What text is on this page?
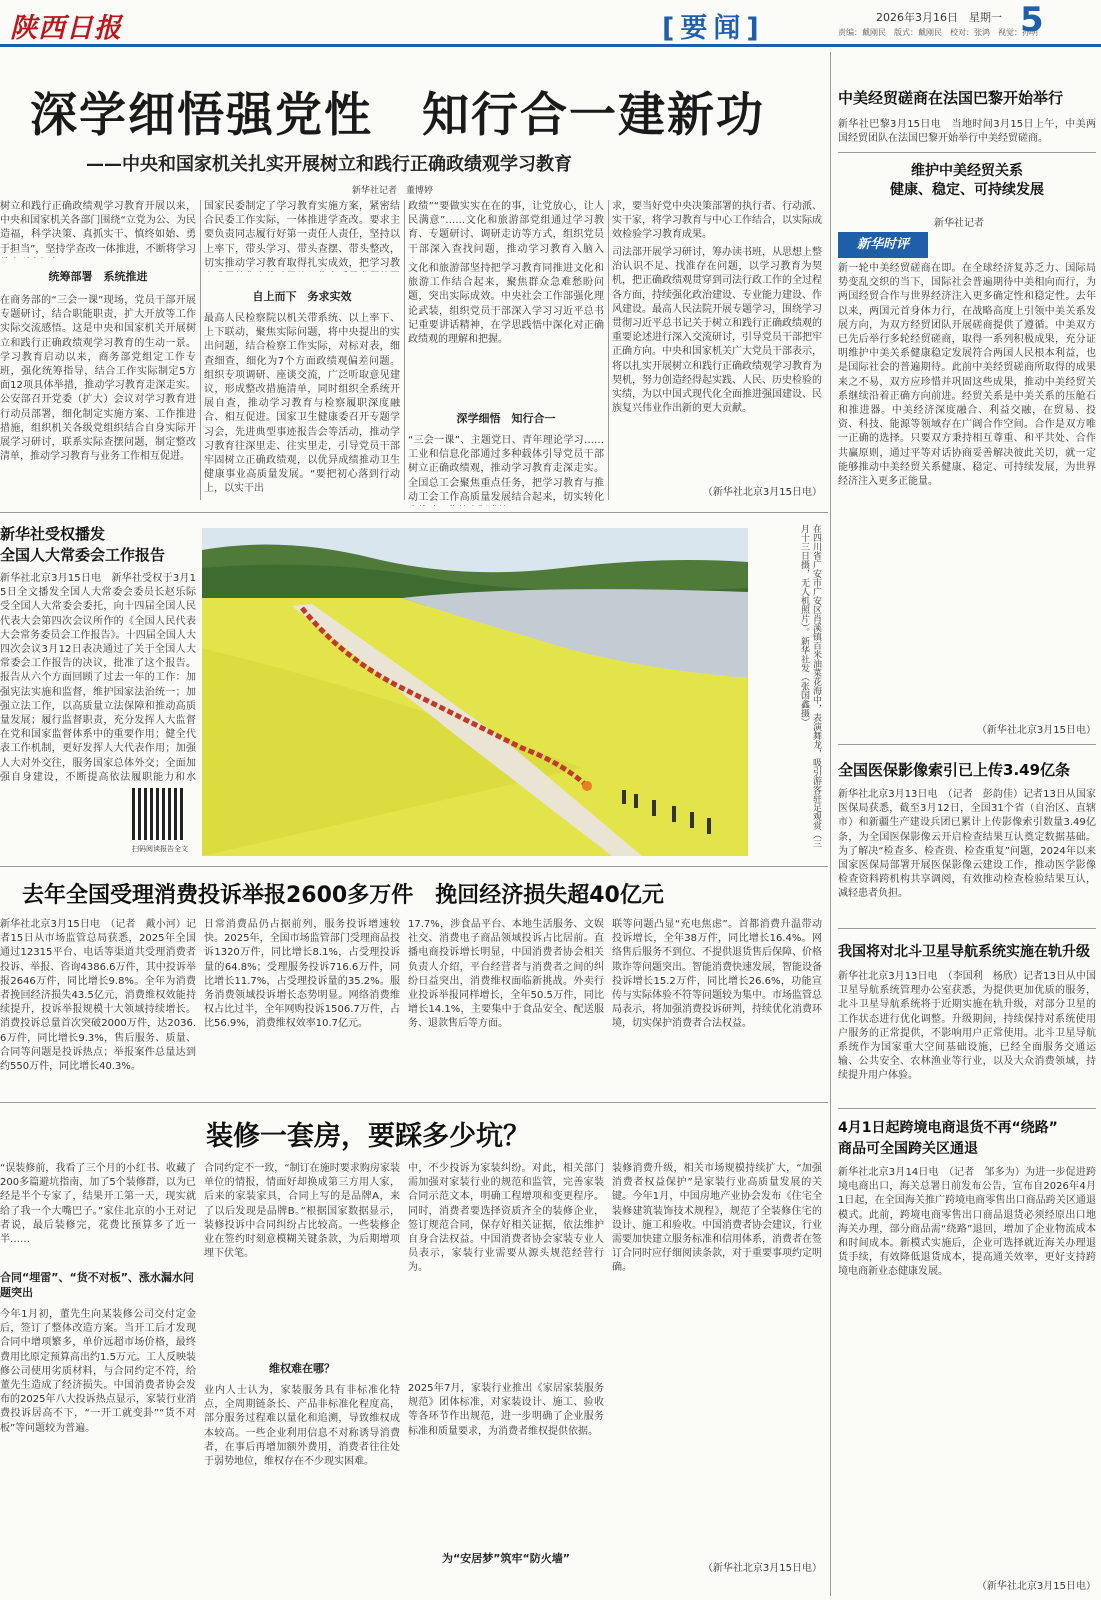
陕西日报	[要闻]	2026年3月16日　星期一
责编：戴刚民　版式：戴刚民　校对：张鸿　视觉：孙明
5
深学细悟强党性　知行合一建新功
——中央和国家机关扎实开展树立和践行正确政绩观学习教育
新华社记者　董博婷
树立和践行正确政绩观学习教育开展以来，中央和国家机关各部门围绕“立党为公、为民造福，科学决策、真抓实干、慎终如始、勇于担当”，坚持学查改一体推进，不断将学习
统筹部署　系统推进
在商务部的“三会一课”现场，党员干部开展专题研讨，结合职能职责，扩大开放等工作实际交流感悟。这是中央和国家机关开展树立和践行正确政绩观学习教育的生动一景。学习教育启动以来，商务部党组定工作专班，强化统筹指导，结合工作实际制定5方面12项具体举措，推动学习教育走深走实。公安部召开党委（扩大）会议对学习教育进行动员部署，细化制定实施方案、工作推进措施，组织机关各级党组织结合自身实际开展学习研讨，联系实际查摆问题，制定整改清单，推动学习教育与业务工作相互促进。
国家民委制定了学习教育实施方案，紧密结合民委工作实际，一体推进学查改。要求主要负责同志履行好第一责任人责任，坚持以上率下，带头学习、带头查摆、带头整改，切实推动学习教育取得扎实成效，把学习教
自上而下　务求实效
最高人民检察院以机关带系统、以上率下、上下联动，聚焦实际问题，将中央提出的实出问题，结合检察工作实际，对标对表，细查细查，细化为7个方面政绩观偏差问题。组织专项调研、座谈交流，广泛听取意见建议，形成整改措施清单，同时组织全系统开展自查，推动学习教育与检察履职深度融合、相互促进。国家卫生健康委召开专题学习会，先进典型事迹报告会等活动，推动学习教育往深里走、往实里走，引导党员干部牢固树立正确政绩观，以优异成绩推动卫生健康事业高质量发展。“要把初心落到行动上，以实干出
政绩”“要做实实在在的事，让党放心，让人民满意”……文化和旅游部党组通过学习教育、专题研讨、调研走访等方式，组织党员干部深入查找问题，推动学习教育入脑入
文化和旅游部坚持把学习教育同推进文化和旅游工作结合起来，聚焦群众急难愁盼问题，突出实际成效。中央社会工作部强化理论武装，组织党员干部深入学习习近平总书记重要讲话精神，在学思践悟中深化对正确政绩观的理解和把握。
深学细悟　知行合一
“三会一课”、主题党日、青年理论学习……工业和信息化部通过多种载体引导党员干部树立正确政绩观，推动学习教育走深走实。全国总工会聚焦重点任务，把学习教育与推动工会工作高质量发展结合起来，切实转化
求，要当好党中央决策部署的执行者、行动派、实干家，将学习教育与中心工作结合，以实际成效检验学习教育成果。
司法部开展学习研讨，筹办读书班，从思想上整治认识不足、找准存在问题，以学习教育为契机，把正确政绩观贯穿到司法行政工作的全过程各方面，持续强化政治建设、专业能力建设、作风建设。最高人民法院开展专题学习，围绕学习贯彻习近平总书记关于树立和践行正确政绩观的重要论述进行深入交流研讨，引导党员干部把牢正确方向。中央和国家机关广大党员干部表示，将以扎实开展树立和践行正确政绩观学习教育为契机，努力创造经得起实践、人民、历史检验的实绩，为以中国式现代化全面推进强国建设、民族复兴伟业作出新的更大贡献。
（新华社北京3月15日电）
新华社受权播发
全国人大常委会工作报告
新华社北京3月15日电　新华社受权于3月15日全文播发全国人大常委会委员长赵乐际受全国人大常委会委托，向十四届全国人民代表大会第四次会议所作的《全国人民代表大会常务委员会工作报告》。十四届全国人大四次会议3月12日表决通过了关于全国人大常委会工作报告的决议，批准了这个报告。报告从六个方面回顾了过去一年的工作：加强宪法实施和监督，维护国家法治统一；加强立法工作，以高质量立法保障和推动高质量发展；履行监督职责，充分发挥人大监督在党和国家监督体系中的重要作用；健全代表工作机制，更好发挥人大代表作用；加强人大对外交往，服务国家总体外交；全面加强自身建设，不断提高依法履职能力和水
扫码阅读报告全文
在四川省广安市广安区肖溪镇百米油菜花海中，表演舞龙，吸引游客驻足观赏（三月十三日摄，无人机照片）。新华社发（张国鑫摄）
去年全国受理消费投诉举报2600多万件　挽回经济损失超40亿元
新华社北京3月15日电　（记者　戴小河）记者15日从市场监管总局获悉，2025年全国通过12315平台、电话等渠道共受理消费者投诉、举报、咨询4386.6万件，其中投诉举报2646万件，同比增长9.8%。全年为消费者挽回经济损失43.5亿元，消费维权效能持续提升，投诉举报规模十大领域持续增长。消费投诉总量首次突破2000万件，达2036.6万件，同比增长9.3%，售后服务、质量、合同等问题是投诉热点；举报案件总量达到约550万件，同比增长40.3%。
日常消费品仍占据前列，服务投诉增速较快。2025年，全国市场监管部门受理商品投诉1320万件，同比增长8.1%，占受理投诉量的64.8%；受理服务投诉716.6万件，同比增长11.7%，占受理投诉量的35.2%。服务消费领域投诉增长态势明显。网络消费维权占比过半，全年网购投诉1506.7万件，占比56.9%，消费维权效率10.7亿元。
17.7%，涉食品平台、本地生活服务、文娱社交、消费电子商品领域投诉占比居前。直播电商投诉增长明显，中国消费者协会相关负责人介绍，平台经营者与消费者之间的纠纷日益突出，消费维权面临新挑战。外卖行业投诉举报同样增长，全年50.5万件，同比增长14.1%，主要集中于食品安全、配送服务、退款售后等方面。
联等问题凸显“充电焦虑”。首都消费升温带动投诉增长，全年38万件，同比增长16.4%。网络售后服务不到位、不提供退货售后保障、价格欺诈等问题突出。智能消费快速发展，智能设备投诉增长15.2万件，同比增长26.6%，功能宣传与实际体验不符等问题较为集中。市场监管总局表示，将加强消费投诉研判，持续优化消费环境，切实保护消费者合法权益。
装修一套房，要踩多少坑？
“误装修前，我看了三个月的小红书、收藏了200多篇避坑指南，加了5个装修群，以为已经是半个专家了，结果开工第一天，现实就给了我一个大嘴巴子。”家住北京的小王对记者说，最后装修完，花费比预算多了近一半……
合同“埋雷”、“货不对板”、涨水漏水问题突出
今年1月初，董先生向某装修公司交付定金后，签订了整体改造方案。当开工后才发现合同中增项繁多，单价远超市场价格，最终费用比原定预算高出约1.5万元。工人反映装修公司使用劣质材料，与合同约定不符，给董先生造成了经济损失。中国消费者协会发布的2025年八大投诉热点显示，家装行业消费投诉居高不下，“一开工就变卦”“货不对板”等问题较为普遍。
合同约定不一致，“制订在施时要求购房家装单位的情报，情面好却换成第三方用人家，后来的家装家具，合同上写的是品牌A，来了以后发现是品牌B。”根据国家数据显示，装修投诉中合同纠纷占比较高。一些装修企业在签约时刻意模糊关键条款，为后期增项埋下伏笔。
维权难在哪？
业内人士认为，家装服务具有非标准化特点，全周期链条长、产品非标准化程度高，部分服务过程难以量化和追溯，导致维权成本较高。一些企业利用信息不对称诱导消费者，在事后再增加额外费用，消费者往往处于弱势地位，维权存在不少现实困难。
中，不少投诉为家装纠纷。对此，相关部门需加强对家装行业的规范和监管，完善家装合同示范文本，明确工程增项和变更程序。同时，消费者要选择资质齐全的装修企业，签订规范合同，保存好相关证据，依法维护自身合法权益。中国消费者协会家装专业人员表示，家装行业需要从源头规范经营行为。
2025年7月，家装行业推出《家居家装服务规范》团体标准，对家装设计、施工、验收等各环节作出规范，进一步明确了企业服务标准和质量要求，为消费者维权提供依据。
为“安居梦”筑牢“防火墙”
装修消费升级，相关市场规模持续扩大，“加强消费者权益保护”是家装行业高质量发展的关键。今年1月，中国房地产业协会发布《住宅全装修建筑装饰技术规程》，规范了全装修住宅的设计、施工和验收。中国消费者协会建议，行业需要加快建立服务标准和信用体系，消费者在签订合同时应仔细阅读条款，对于重要事项约定明确。
（新华社北京3月15日电）
中美经贸磋商在法国巴黎开始举行
新华社巴黎3月15日电　当地时间3月15日上午，中美两国经贸团队在法国巴黎开始举行中美经贸磋商。
维护中美经贸关系
健康、稳定、可持续发展
新华社记者
新华时评
新一轮中美经贸磋商在即。在全球经济复苏乏力、国际局势变乱交织的当下，国际社会普遍期待中美相向而行，为两国经贸合作与世界经济注入更多确定性和稳定性。去年以来，两国元首身体力行，在战略高度上引领中美关系发展方向，为双方经贸团队开展磋商提供了遵循。中美双方已先后举行多轮经贸磋商，取得一系列积极成果，充分证明维护中美关系健康稳定发展符合两国人民根本利益，也是国际社会的普遍期待。此前中美经贸磋商所取得的成果来之不易，双方应珍惜并巩固这些成果，推动中美经贸关系继续沿着正确方向前进。经贸关系是中美关系的压舱石和推进器。中美经济深度融合、利益交融，在贸易、投资、科技、能源等领域存在广阔合作空间。合作是双方唯一正确的选择。只要双方秉持相互尊重、和平共处、合作共赢原则，通过平等对话协商妥善解决彼此关切，就一定能够推动中美经贸关系健康、稳定、可持续发展，为世界经济注入更多正能量。
（新华社北京3月15日电）
全国医保影像索引已上传3.49亿条
新华社北京3月13日电　（记者　彭韵佳）记者13日从国家医保局获悉，截至3月12日，全国31个省（自治区、直辖市）和新疆生产建设兵团已累计上传影像索引数量3.49亿条，为全国医保影像云开启检查结果互认奠定数据基础。为了解决“检查多、检查贵、检查重复”问题，2024年以来国家医保局部署开展医保影像云建设工作，推动医学影像检查资料跨机构共享调阅，有效推动检查检验结果互认，减轻患者负担。
我国将对北斗卫星导航系统实施在轨升级
新华社北京3月13日电　（李国利　杨欣）记者13日从中国卫星导航系统管理办公室获悉，为提供更加优质的服务，北斗卫星导航系统将于近期实施在轨升级，对部分卫星的工作状态进行优化调整。升级期间，持续保持对系统使用户服务的正常提供，不影响用户正常使用。北斗卫星导航系统作为国家重大空间基础设施，已经全面服务交通运输、公共安全、农林渔业等行业，以及大众消费领域，持续提升用户体验。
4月1日起跨境电商退货不再“绕路”
商品可全国跨关区通退
新华社北京3月14日电　（记者　邹多为）为进一步促进跨境电商出口，海关总署日前发布公告，宣布自2026年4月1日起，在全国海关推广跨境电商零售出口商品跨关区通退模式。此前，跨境电商零售出口商品退货必须经原出口地海关办理，部分商品需“绕路”退回，增加了企业物流成本和时间成本。新模式实施后，企业可选择就近海关办理退货手续，有效降低退货成本，提高通关效率，更好支持跨境电商新业态健康发展。
（新华社北京3月15日电）
